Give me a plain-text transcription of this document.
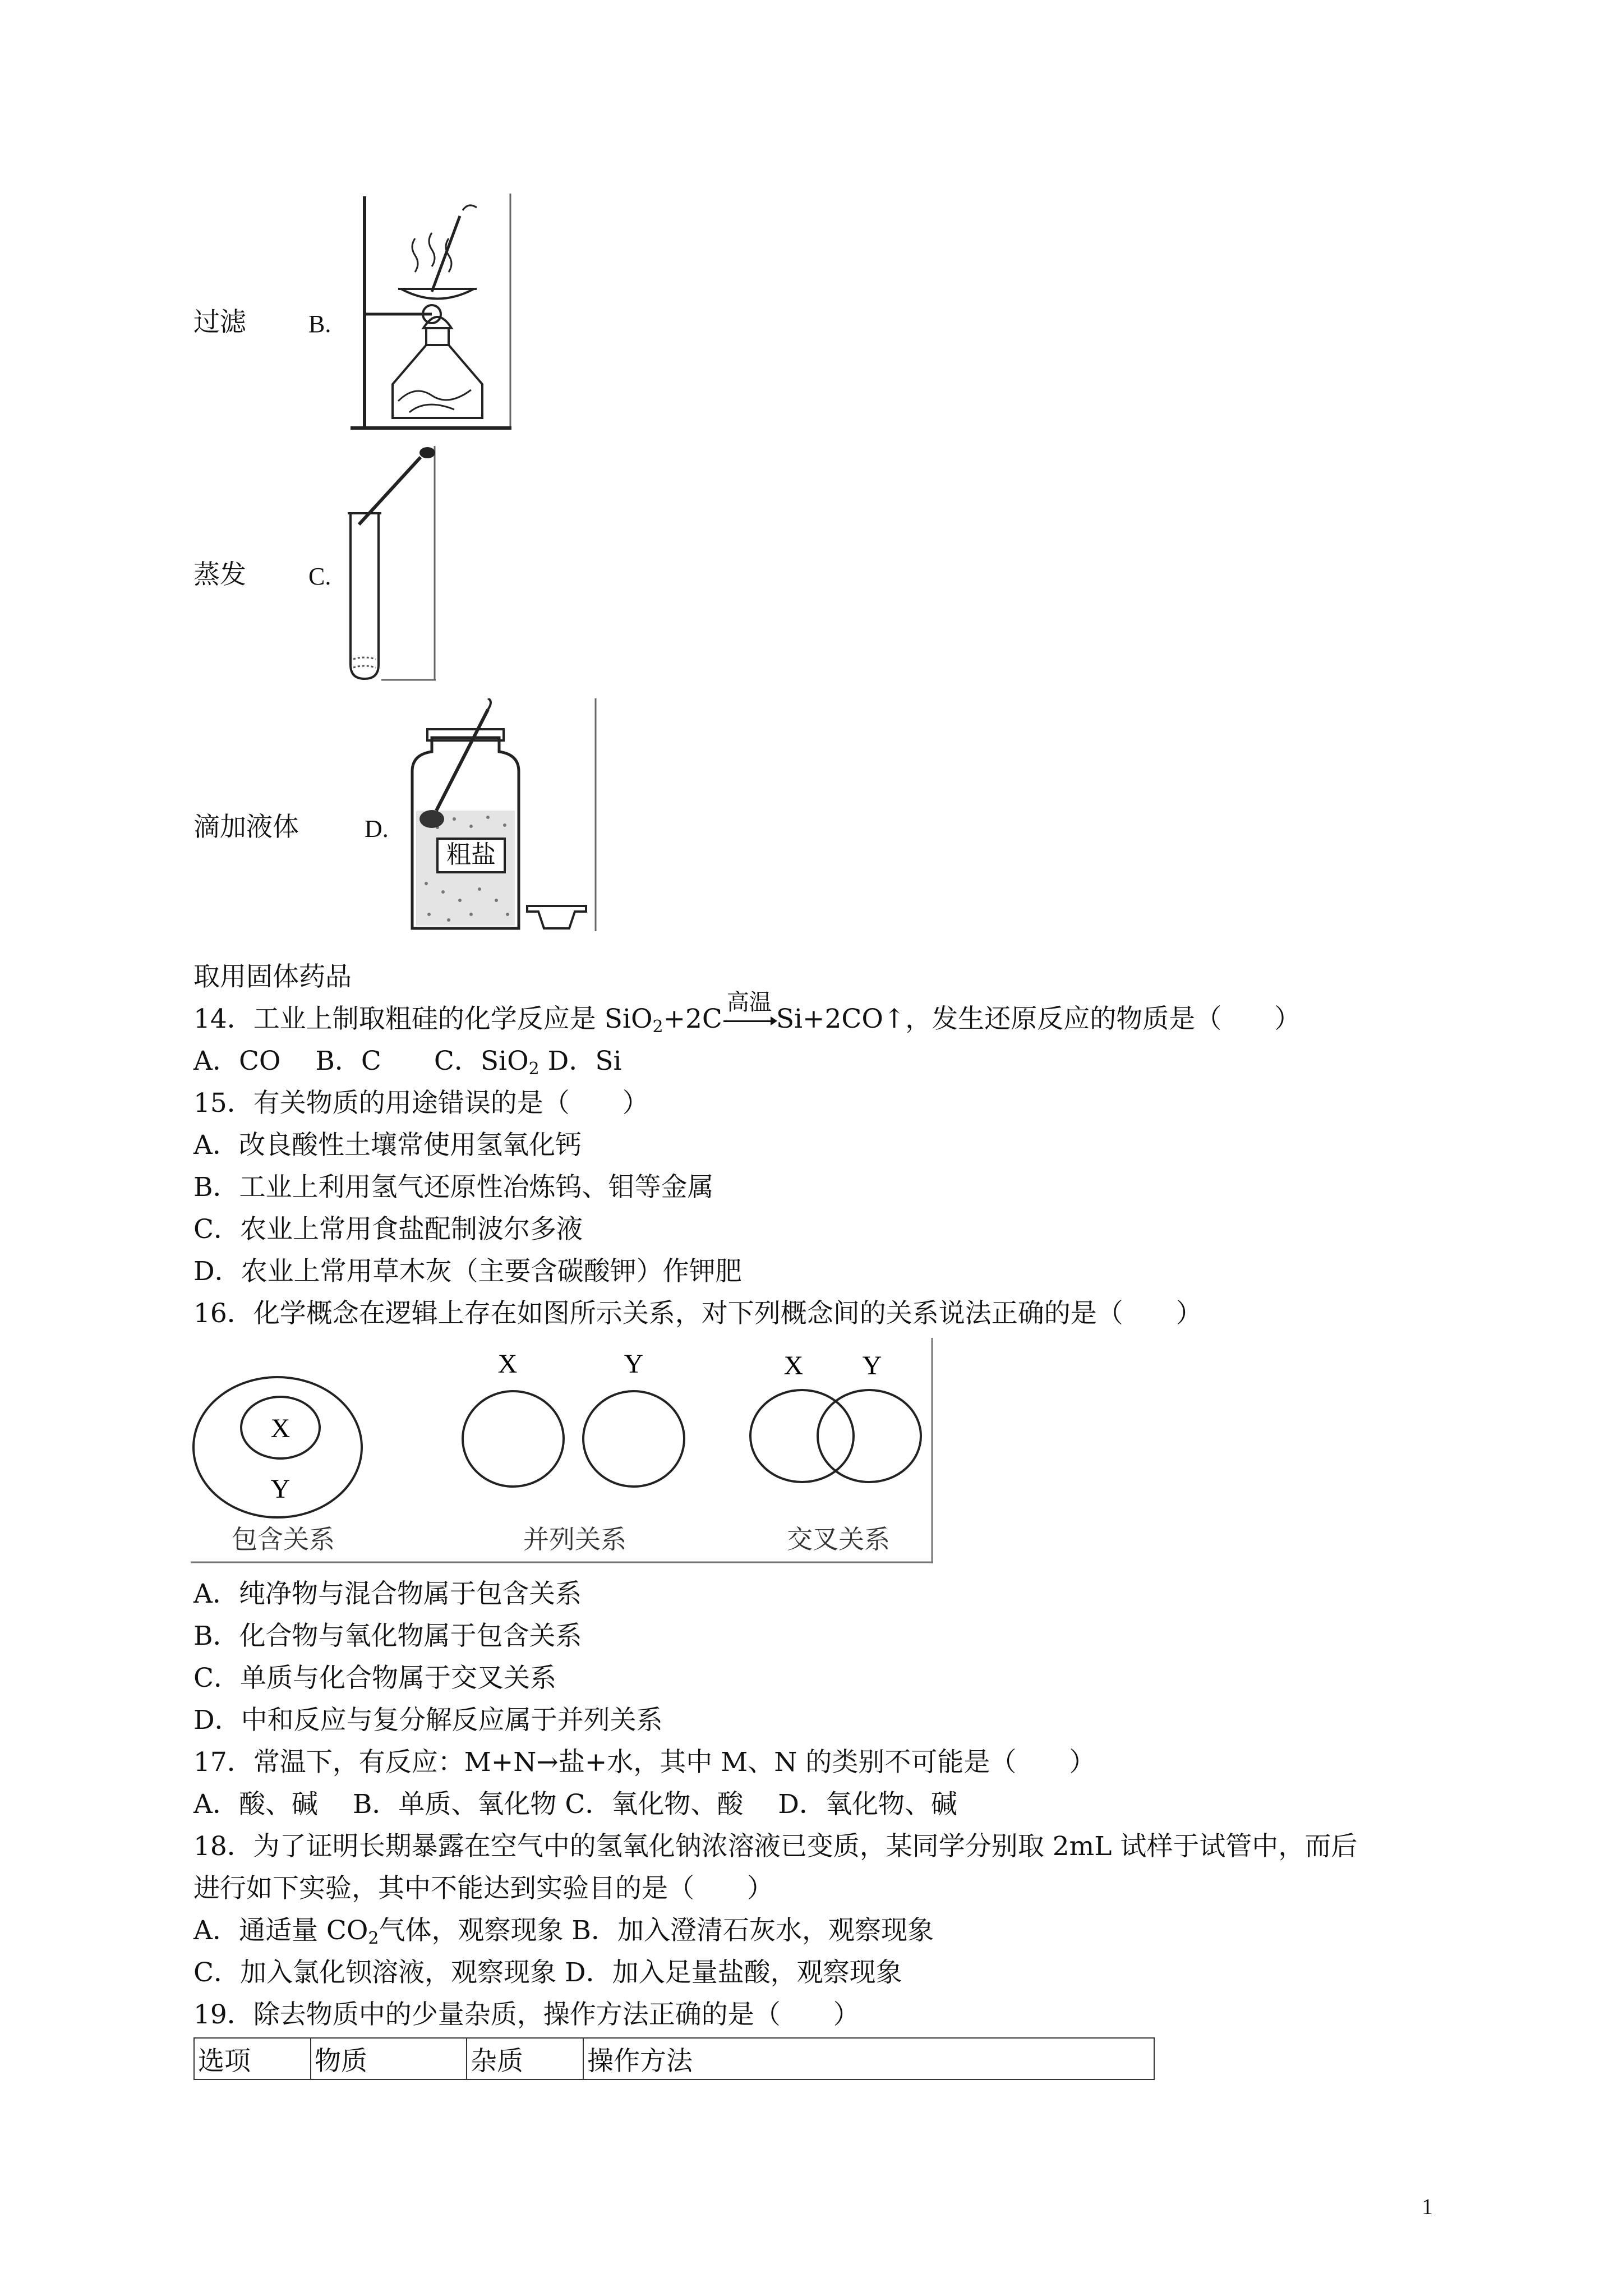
过滤	B.
蒸发	C.
滴加液体	D.
粗盐
取用固体药品
14．工业上制取粗硅的化学反应是 SiO$_2$+2C
高温
Si+2CO↑，发生还原反应的物质是（　　）
A．CO　 B．C　　C．SiO$_2$ D．Si
15．有关物质的用途错误的是（　　）
A．改良酸性土壤常使用氢氧化钙
B．工业上利用氢气还原性冶炼钨、钼等金属
C．农业上常用食盐配制波尔多液
D．农业上常用草木灰（主要含碳酸钾）作钾肥
16．化学概念在逻辑上存在如图所示关系，对下列概念间的关系说法正确的是（　　）
X
Y
包含关系
X	Y
并列关系
X Y
交叉关系
A．纯净物与混合物属于包含关系
B．化合物与氧化物属于包含关系
C．单质与化合物属于交叉关系
D．中和反应与复分解反应属于并列关系
17．常温下，有反应：M+N→盐+水，其中 M、N 的类别不可能是（　　）
A．酸、碱　 B．单质、氧化物 C．氧化物、酸　 D．氧化物、碱
18．为了证明长期暴露在空气中的氢氧化钠浓溶液已变质，某同学分别取 2mL 试样于试管中，而后
进行如下实验，其中不能达到实验目的是（　　）
A．通适量 $CO_2$气体，观察现象 B．加入澄清石灰水，观察现象
C．加入氯化钡溶液，观察现象 D．加入足量盐酸，观察现象
19．除去物质中的少量杂质，操作方法正确的是（　　）
选项	物质	杂质	操作方法
1
